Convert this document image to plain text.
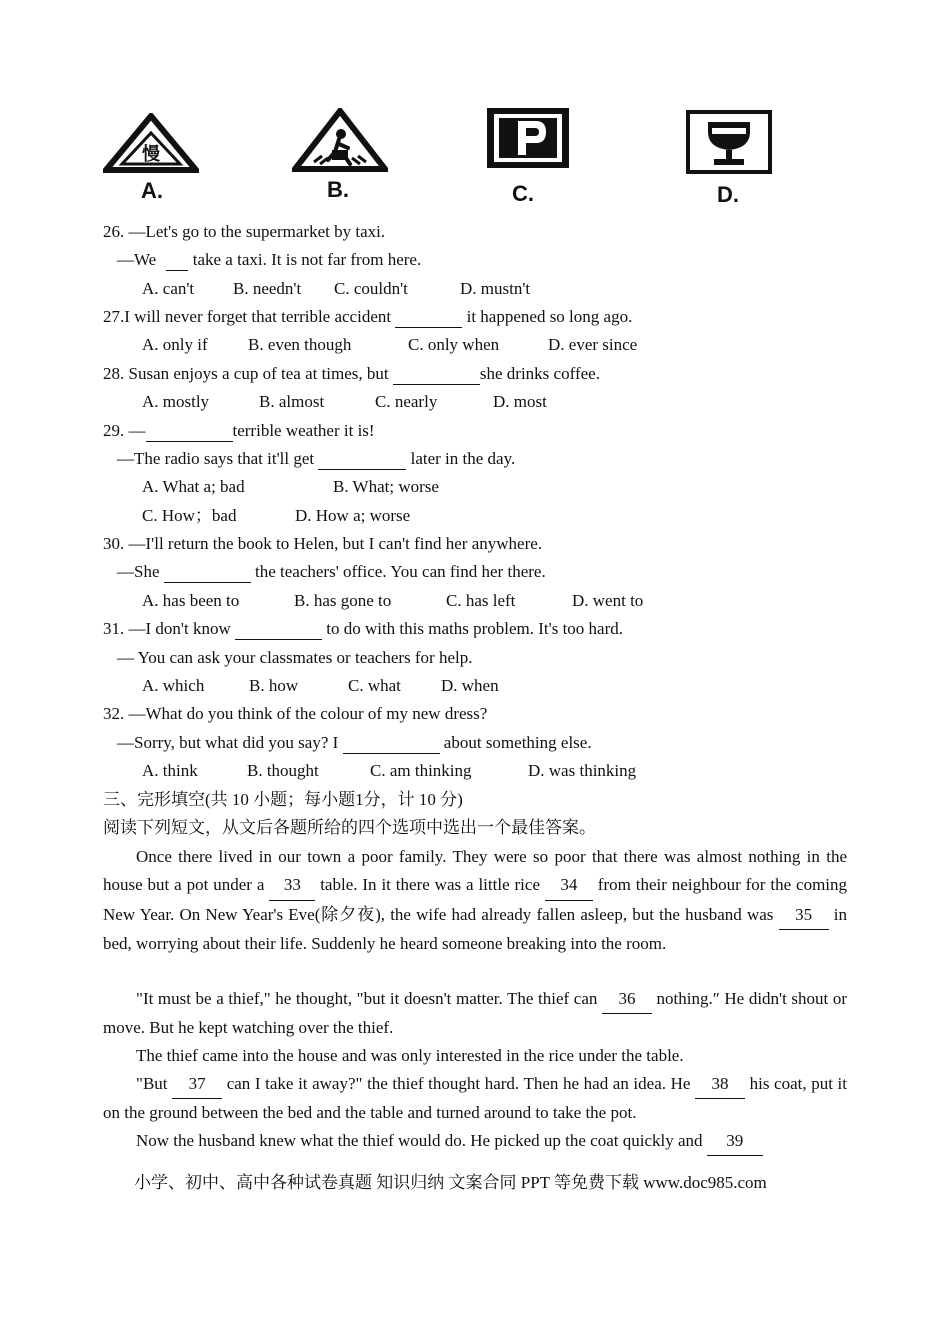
慢
A.	B.	C.	D.
26. —Let's go to the supermarket by taxi.
—We   take a taxi. It is not far from here.
A. can't B. needn't C. couldn't	D. mustn't
27.I will never forget that terrible accident	it happened so long ago.
A. only if B. even though	C. only when	D. ever since
28. Susan enjoys a cup of tea at times, but	she drinks coffee.
A. mostly	B. almost	C. nearly	D. most
29. —	terrible weather it is!
—The radio says that it'll get	later in the day.
A. What a; bad	B. What; worse
C. How；bad	D. How a; worse
30. —I'll return the book to Helen, but I can't find her anywhere.
—She	the teachers' office. You can find her there.
A. has been to	B. has gone to	C. has left	D. went to
31. —I don't know	to do with this maths problem. It's too hard.
— You can ask your classmates or teachers for help.
A. which	B. how	C. what D. when
32. —What do you think of the colour of my new dress?
—Sorry, but what did you say? I	about something else.
A. think	B. thought	C. am thinking	D. was thinking
三、完形填空(共 10 小题；每小题1分，计 10 分)
阅读下列短文，从文后各题所给的四个选项中选出一个最佳答案。
Once there lived in our town a poor family. They were so poor that there was almost nothing in the house but a pot under a 33 table. In it there was a little rice 34 from their neighbour for the coming New Year. On New Year's Eve(除夕夜), the wife had already fallen asleep, but the husband was 35 in bed, worrying about their life. Suddenly he heard someone breaking into the room.
"It must be a thief," he thought, "but it doesn't matter. The thief can 36 nothing.″ He didn't shout or move. But he kept watching over the thief.
The thief came into the house and was only interested in the rice under the table.
"But 37 can I take it away?" the thief thought hard. Then he had an idea. He 38 his coat, put it on the ground between the bed and the table and turned around to take the pot.
Now the husband knew what the thief would do. He picked up the coat quickly and 39
小学、初中、高中各种试卷真题 知识归纳 文案合同 PPT 等免费下载 www.doc985.com
